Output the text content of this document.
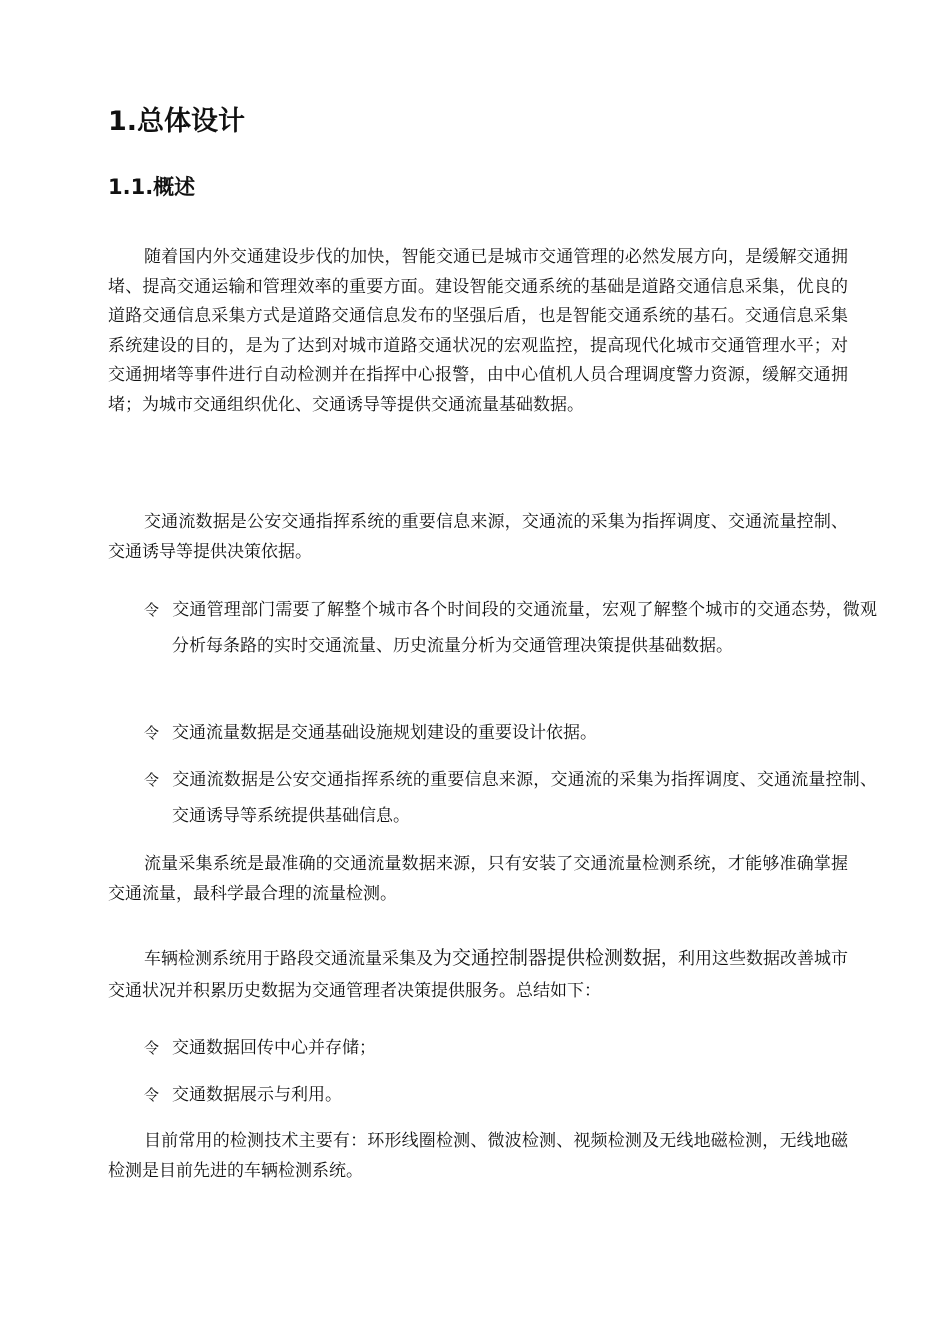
1.总体设计
1.1.概述

随着国内外交通建设步伐的加快，智能交通已是城市交通管理的必然发展方向，是缓解交通拥堵、提高交通运输和管理效率的重要方面。建设智能交通系统的基础是道路交通信息采集，优良的道路交通信息采集方式是道路交通信息发布的坚强后盾，也是智能交通系统的基石。交通信息采集系统建设的目的，是为了达到对城市道路交通状况的宏观监控，提高现代化城市交通管理水平；对交通拥堵等事件进行自动检测并在指挥中心报警，由中心值机人员合理调度警力资源，缓解交通拥堵；为城市交通组织优化、交通诱导等提供交通流量基础数据。

交通流数据是公安交通指挥系统的重要信息来源，交通流的采集为指挥调度、交通流量控制、交通诱导等提供决策依据。

令 交通管理部门需要了解整个城市各个时间段的交通流量，宏观了解整个城市的交通态势，微观分析每条路的实时交通流量、历史流量分析为交通管理决策提供基础数据。

令 交通流量数据是交通基础设施规划建设的重要设计依据。

令 交通流数据是公安交通指挥系统的重要信息来源，交通流的采集为指挥调度、交通流量控制、交通诱导等系统提供基础信息。

流量采集系统是最准确的交通流量数据来源，只有安装了交通流量检测系统，才能够准确掌握交通流量，最科学最合理的流量检测。

车辆检测系统用于路段交通流量采集及为交通控制器提供检测数据，利用这些数据改善城市交通状况并积累历史数据为交通管理者决策提供服务。总结如下：

令 交通数据回传中心并存储；

令 交通数据展示与利用。

目前常用的检测技术主要有：环形线圈检测、微波检测、视频检测及无线地磁检测，无线地磁检测是目前先进的车辆检测系统。
